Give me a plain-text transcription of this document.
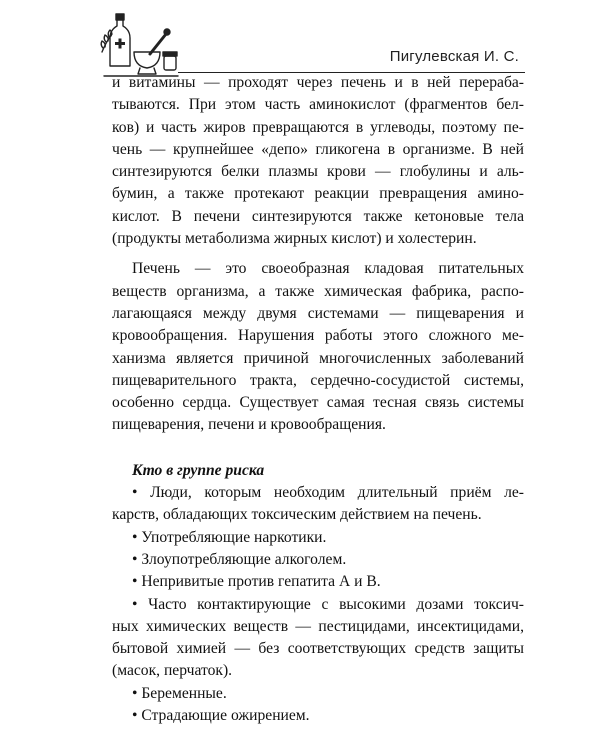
Пигулевская И. С.
и витамины — проходят через печень и в ней перераба-
тываются. При этом часть аминокислот (фрагментов бел-
ков) и часть жиров превращаются в углеводы, поэтому пе-
чень — крупнейшее «депо» гликогена в организме. В ней
синтезируются белки плазмы крови — глобулины и аль-
бумин, а также протекают реакции превращения амино-
кислот. В печени синтезируются также кетоновые тела
(продукты метаболизма жирных кислот) и холестерин.
Печень — это своеобразная кладовая питательных
веществ организма, а также химическая фабрика, распо-
лагающаяся между двумя системами — пищеварения и
кровообращения. Нарушения работы этого сложного ме-
ханизма является причиной многочисленных заболеваний
пищеварительного тракта, сердечно-сосудистой системы,
особенно сердца. Существует самая тесная связь системы
пищеварения, печени и кровообращения.
Кто в группе риска
• Люди, которым необходим длительный приём ле-
карств, обладающих токсическим действием на печень.
• Употребляющие наркотики.
• Злоупотребляющие алкоголем.
• Непривитые против гепатита А и В.
• Часто контактирующие с высокими дозами токсич-
ных химических веществ — пестицидами, инсектицидами,
бытовой химией — без соответствующих средств защиты
(масок, перчаток).
• Беременные.
• Страдающие ожирением.
